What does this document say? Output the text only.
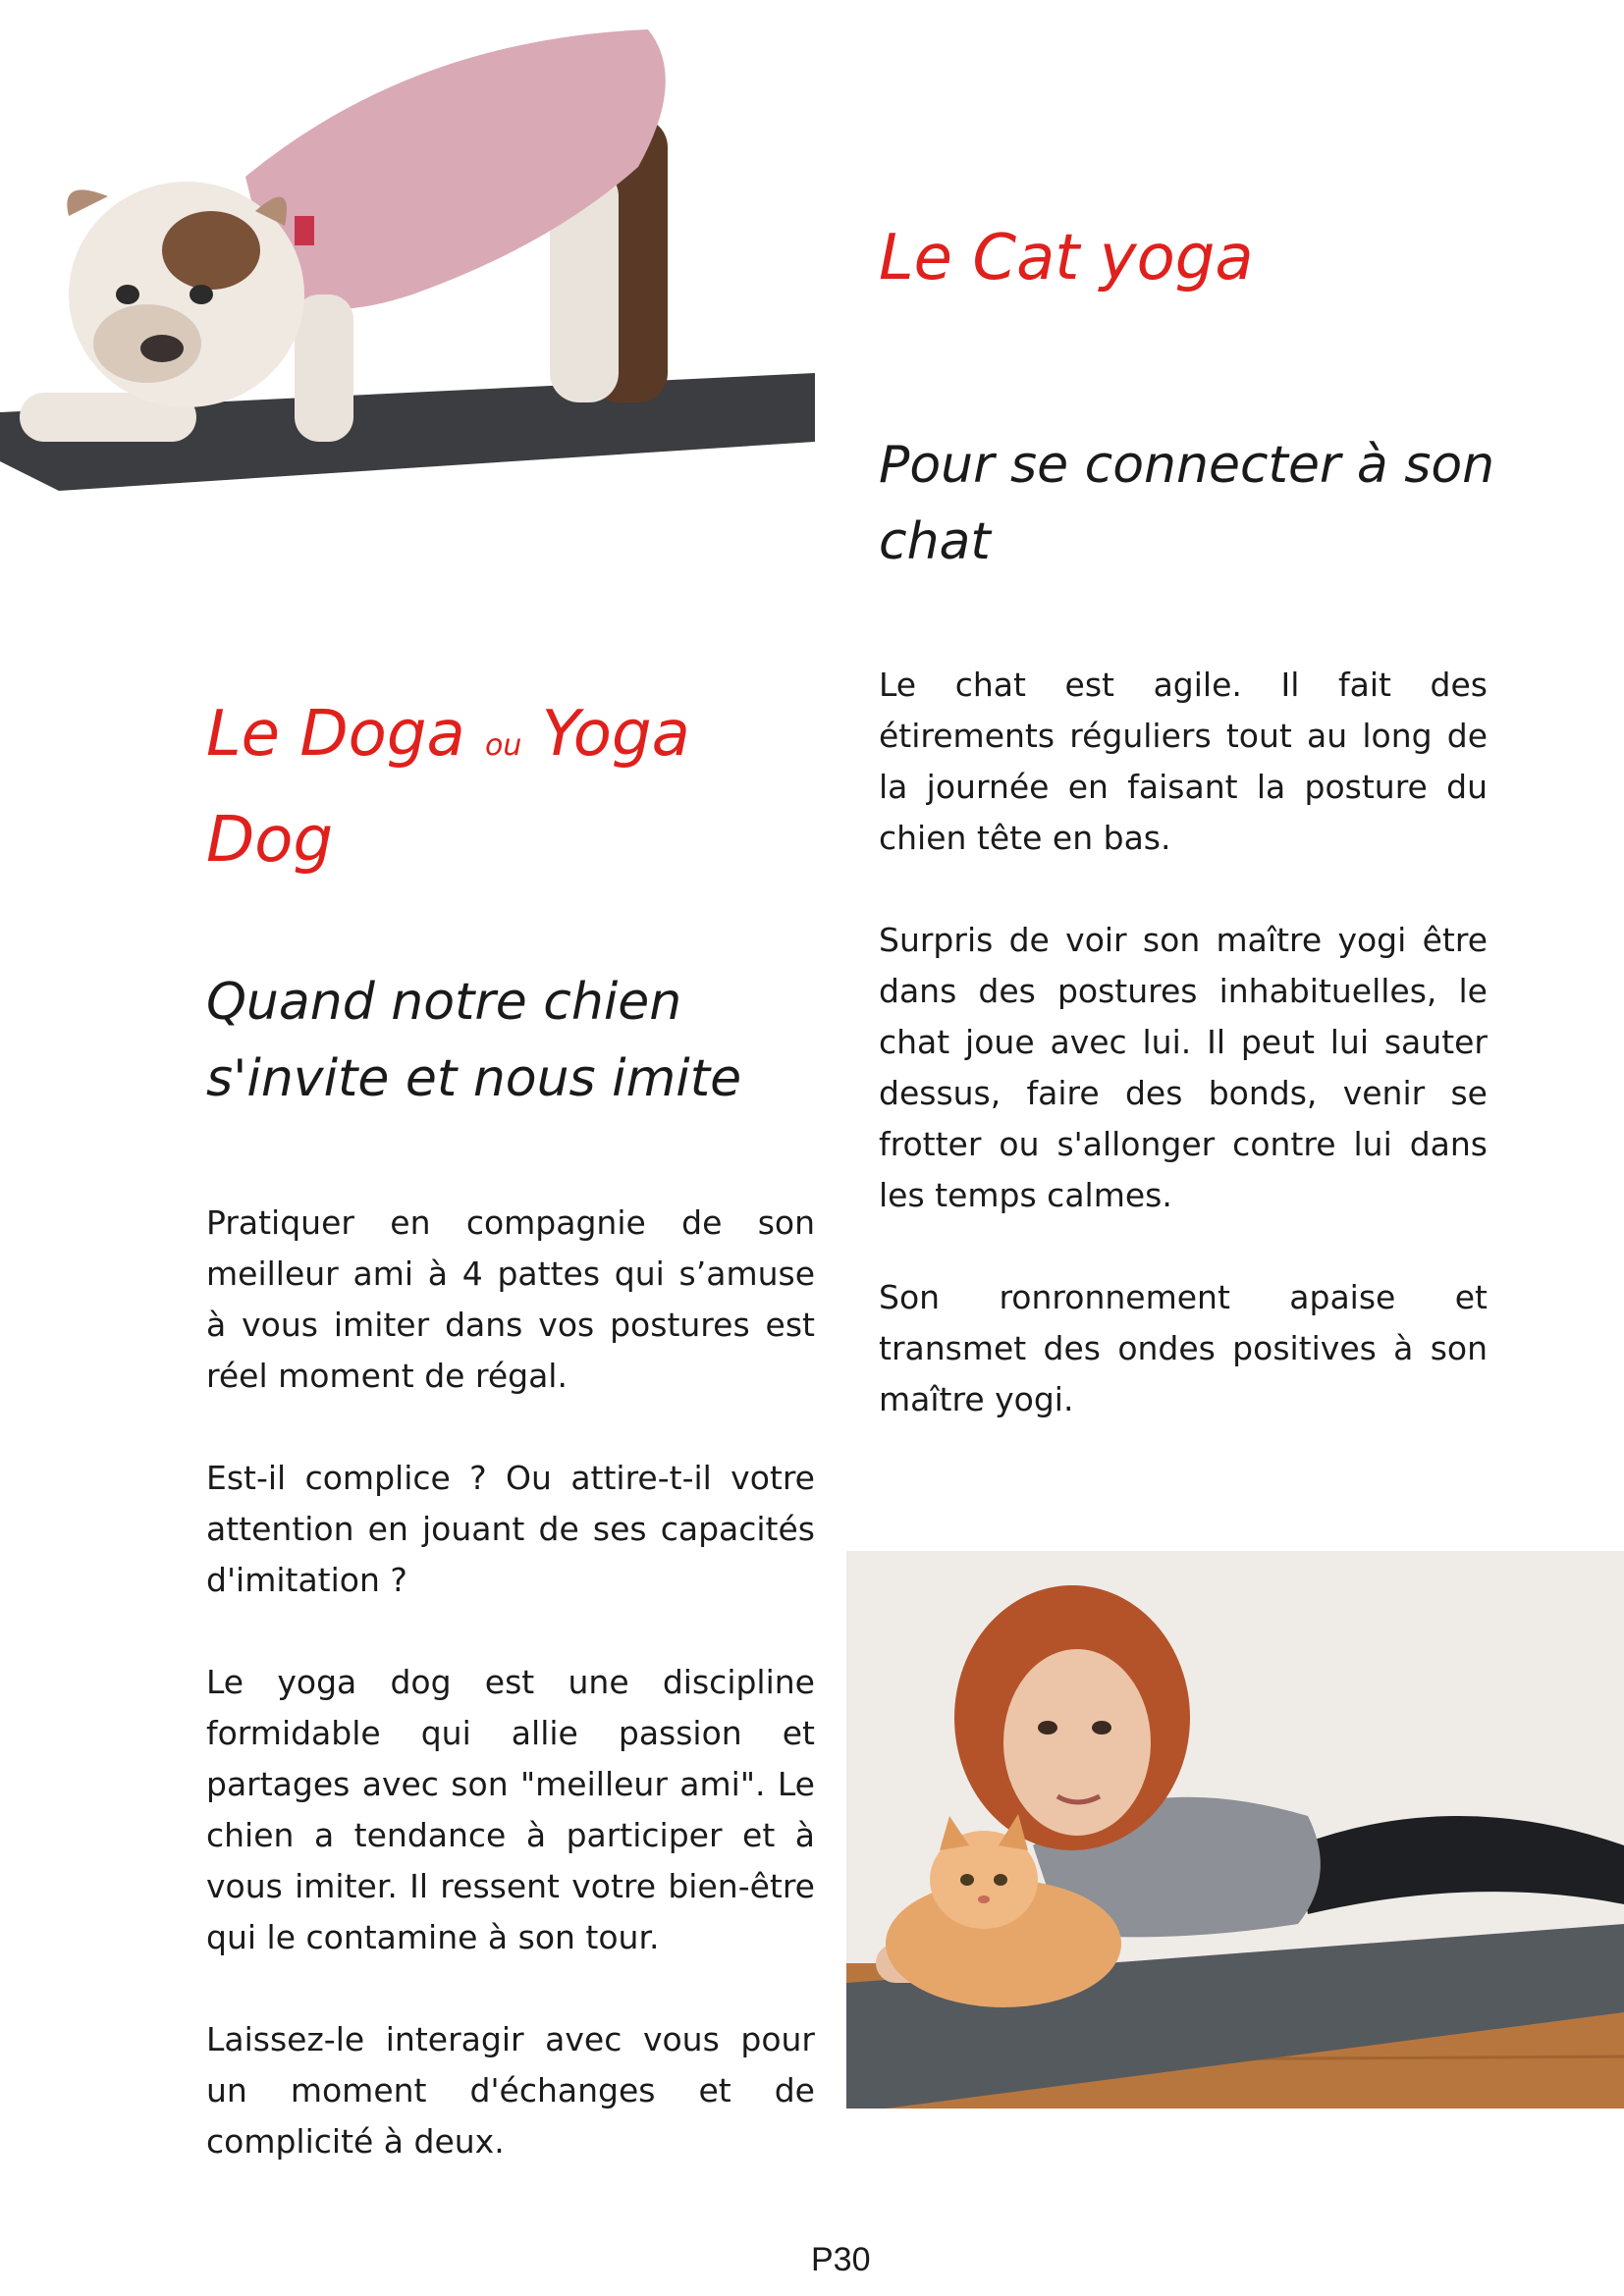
Le Cat yoga
Pour se connecter à son chat

Le chat est agile. Il fait des étirements réguliers tout au long de la journée en faisant la posture du chien tête en bas.

Surpris de voir son maître yogi être dans des postures inhabituelles, le chat joue avec lui. Il peut lui sauter dessus, faire des bonds, venir se frotter ou s'allonger contre lui dans les temps calmes.

Son ronronnement apaise et transmet des ondes positives à son maître yogi.

Le Doga ou Yoga Dog
Quand notre chien s'invite et nous imite

Pratiquer en compagnie de son meilleur ami à 4 pattes qui s’amuse à vous imiter dans vos postures est réel moment de régal.

Est-il complice ? Ou attire-t-il votre attention en jouant de ses capacités d'imitation ?

Le yoga dog est une discipline formidable qui allie passion et partages avec son "meilleur ami". Le chien a tendance à participer et à vous imiter. Il ressent votre bien-être qui le contamine à son tour.

Laissez-le interagir avec vous pour un moment d'échanges et de complicité à deux.

P30
